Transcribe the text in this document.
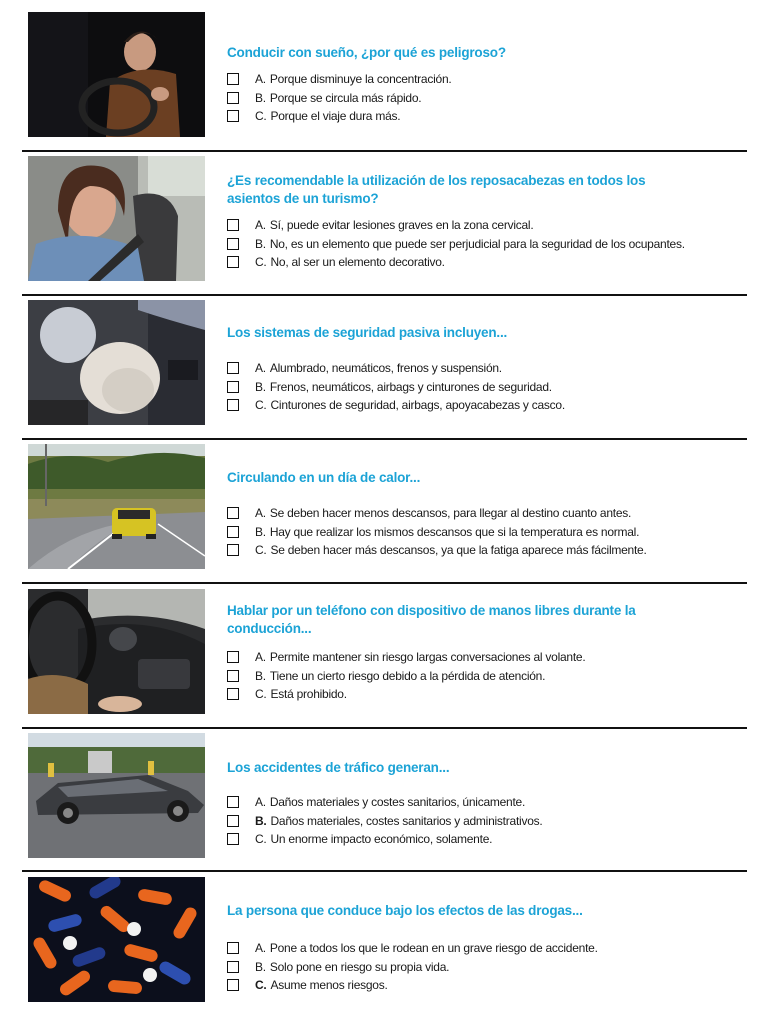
Conducir con sueño, ¿por qué es peligroso?
A. Porque disminuye la concentración.
B. Porque se circula más rápido.
C. Porque el viaje dura más.
¿Es recomendable la utilización de los reposacabezas en todos los asientos de un turismo?
A. Sí, puede evitar lesiones graves en la zona cervical.
B. No, es un elemento que puede ser perjudicial para la seguridad de los ocupantes.
C. No, al ser un elemento decorativo.
Los sistemas de seguridad pasiva incluyen...
A. Alumbrado, neumáticos, frenos y suspensión.
B. Frenos, neumáticos, airbags y cinturones de seguridad.
C. Cinturones de seguridad, airbags, apoyacabezas y casco.
Circulando en un día de calor...
A. Se deben hacer menos descansos, para llegar al destino cuanto antes.
B. Hay que realizar los mismos descansos que si la temperatura es normal.
C. Se deben hacer más descansos, ya que la fatiga aparece más fácilmente.
Hablar por un teléfono con dispositivo de manos libres durante la conducción...
A. Permite mantener sin riesgo largas conversaciones al volante.
B. Tiene un cierto riesgo debido a la pérdida de atención.
C. Está prohibido.
Los accidentes de tráfico generan...
A. Daños materiales y costes sanitarios, únicamente.
B. Daños materiales, costes sanitarios y administrativos.
C. Un enorme impacto económico, solamente.
La persona que conduce bajo los efectos de las drogas...
A. Pone a todos los que le rodean en un grave riesgo de accidente.
B. Solo pone en riesgo su propia vida.
C. Asume menos riesgos.
